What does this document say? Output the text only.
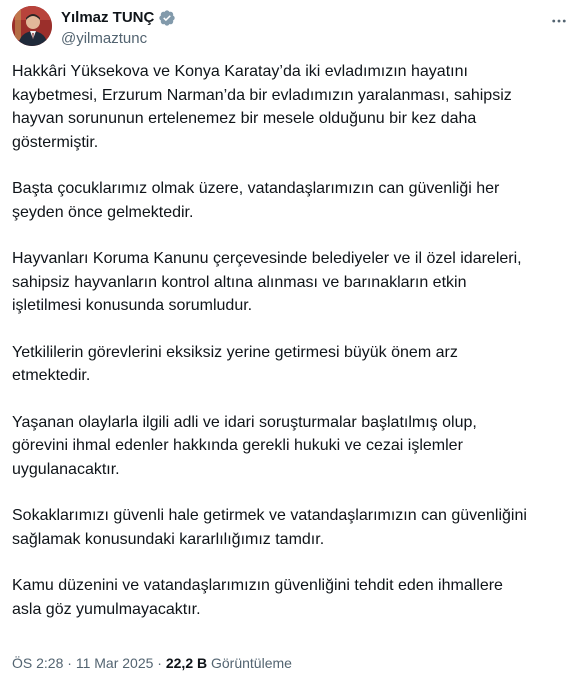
Yılmaz TUNÇ
@yilmaztunc

Hakkâri Yüksekova ve Konya Karatay’da iki evladımızın hayatını
kaybetmesi, Erzurum Narman’da bir evladımızın yaralanması, sahipsiz
hayvan sorununun ertelenemez bir mesele olduğunu bir kez daha
göstermiştir.

Başta çocuklarımız olmak üzere, vatandaşlarımızın can güvenliği her
şeyden önce gelmektedir.

Hayvanları Koruma Kanunu çerçevesinde belediyeler ve il özel idareleri,
sahipsiz hayvanların kontrol altına alınması ve barınakların etkin
işletilmesi konusunda sorumludur.

Yetkililerin görevlerini eksiksiz yerine getirmesi büyük önem arz
etmektedir.

Yaşanan olaylarla ilgili adli ve idari soruşturmalar başlatılmış olup,
görevini ihmal edenler hakkında gerekli hukuki ve cezai işlemler
uygulanacaktır.

Sokaklarımızı güvenli hale getirmek ve vatandaşlarımızın can güvenliğini
sağlamak konusundaki kararlılığımız tamdır.

Kamu düzenini ve vatandaşlarımızın güvenliğini tehdit eden ihmallere
asla göz yumulmayacaktır.

ÖS 2:28 · 11 Mar 2025 · 22,2 B Görüntüleme
